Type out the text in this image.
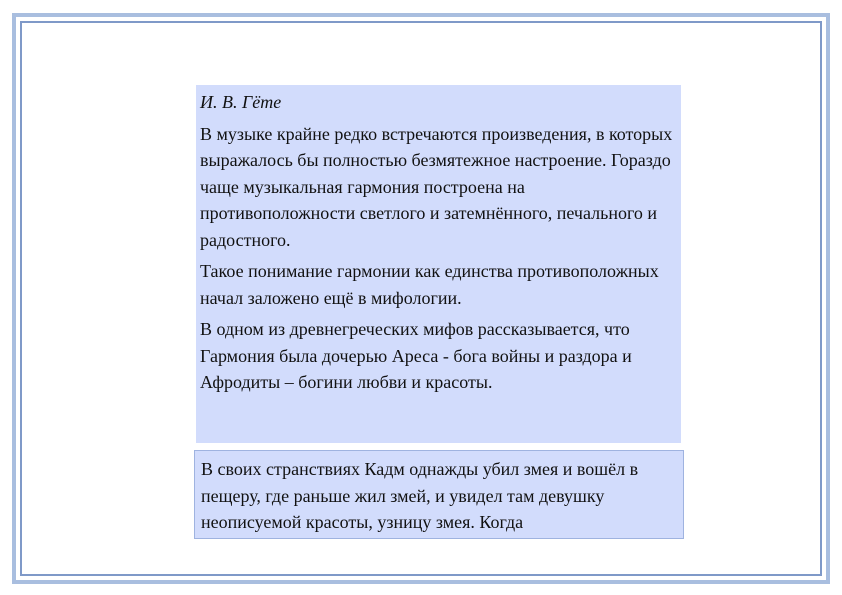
И. В. Гёте

В музыке крайне редко встречаются произведения, в которых выражалось бы полностью безмятежное настроение. Гораздо чаще музыкальная гармония построена на противоположности светлого и затемнённого, печального и радостного.

Такое понимание гармонии как единства противоположных начал заложено ещё в мифологии.

В одном из древнегреческих мифов рассказывается, что Гармония была дочерью Ареса - бога войны и раздора и Афродиты – богини любви и красоты.

В своих странствиях Кадм однажды убил змея и вошёл в пещеру, где раньше жил змей, и увидел там девушку неописуемой красоты, узницу змея. Когда
